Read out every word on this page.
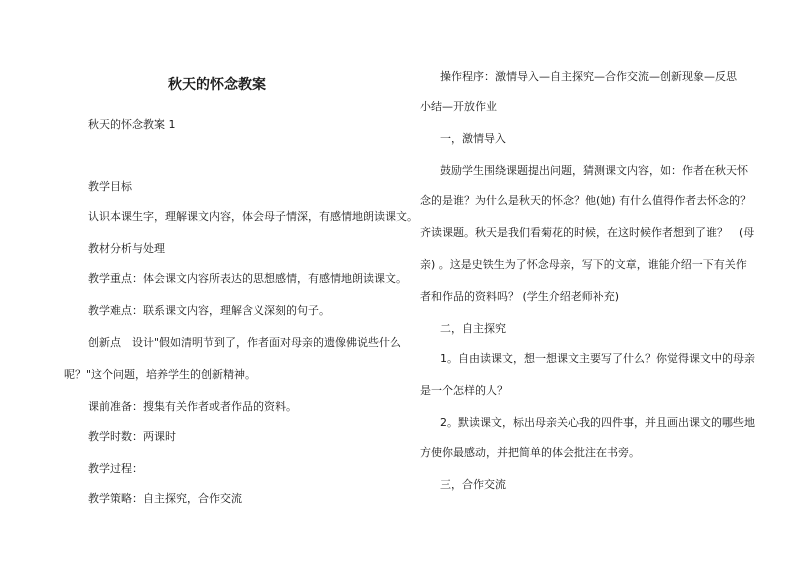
秋天的怀念教案
秋天的怀念教案 1
教学目标
认识本课生字，理解课文内容，体会母子情深，有感情地朗读课文。
教材分析与处理
教学重点：体会课文内容所表达的思想感情，有感情地朗读课文。
教学难点：联系课文内容，理解含义深刻的句子。
创新点　设计"假如清明节到了，作者面对母亲的遗像佛说些什么
呢？"这个问题，培养学生的创新精神。
课前准备：搜集有关作者或者作品的资料。
教学时数：两课时
教学过程：
教学策略：自主探究，合作交流
操作程序：激情导入—自主探究—合作交流—创新现象—反思
小结—开放作业
一，激情导入
鼓励学生围绕课题提出问题，猜测课文内容，如：作者在秋天怀
念的是谁？为什么是秋天的怀念？他(她) 有什么值得作者去怀念的？
齐读课题。秋天是我们看菊花的时候，在这时候作者想到了谁？　(母
亲) 。这是史铁生为了怀念母亲，写下的文章，谁能介绍一下有关作
者和作品的资料吗？ (学生介绍老师补充)
二，自主探究
1。自由读课文，想一想课文主要写了什么？你觉得课文中的母亲
是一个怎样的人？
2。默读课文，标出母亲关心我的四件事，并且画出课文的哪些地
方使你最感动，并把简单的体会批注在书旁。
三，合作交流
